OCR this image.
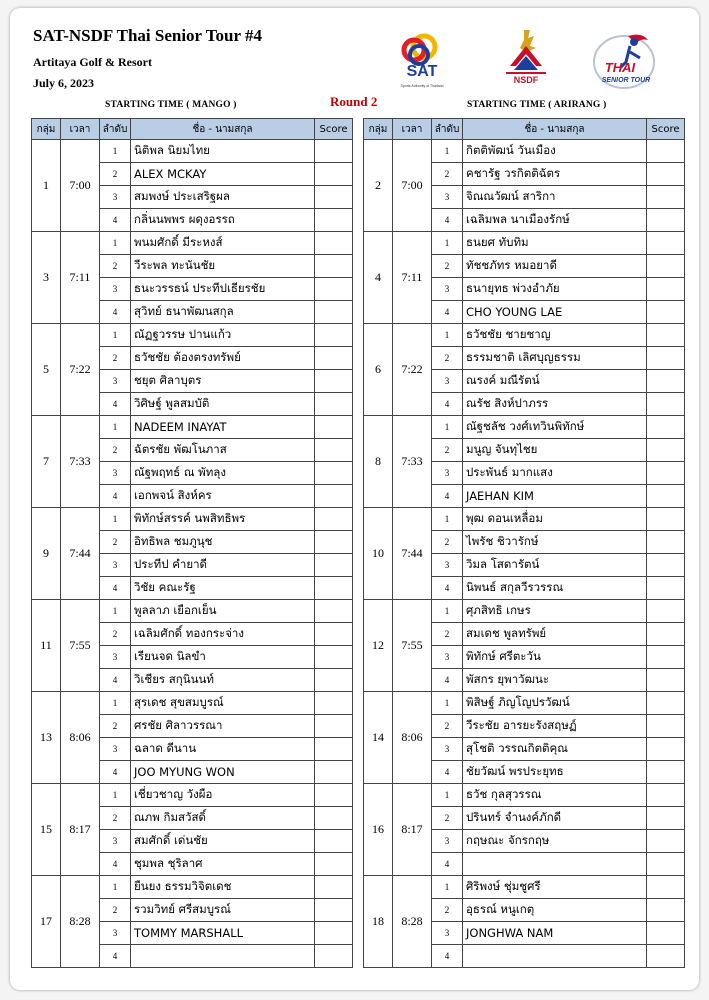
SAT-NSDF Thai Senior Tour #4
Artitaya Golf & Resort
July 6, 2023
Round 2
STARTING TIME ( MANGO )	STARTING TIME ( ARIRANG )
SAT
Sports Authority of Thailand
NSDF
THAI
SENIOR TOUR
กลุ่ม	เวลา	ลำดับ	ชื่อ - นามสกุล	Score
1	7:00	1	นิติพล นิยมไทย	
		2	ALEX MCKAY	
		3	สมพงษ์ ประเสริฐผล	
		4	กลิ่นนพพร ผดุงอรรถ	
3	7:11	1	พนมศักดิ์ มีระหงส์	
		2	วีระพล ทะนันชัย	
		3	ธนะวรรธน์ ประทีปเธียรชัย	
		4	สุวิทย์ ธนาพัฒนสกุล	
5	7:22	1	ณัฏฐวรรษ ปานแก้ว	
		2	ธวัชชัย ต้องตรงทรัพย์	
		3	ชยุต ศิลาบุตร	
		4	วิศิษฐ์ พูลสมบัติ	
7	7:33	1	NADEEM INAYAT	
		2	ฉัตรชัย พัฒโนภาส	
		3	ณัฐพฤทธ์ ณ พัทลุง	
		4	เอกพจน์ สิงห์คร	
9	7:44	1	พิทักษ์สรรค์ นพสิทธิพร	
		2	อิทธิพล ชมภูนุช	
		3	ประทีป คำยาดี	
		4	วิชัย คณะรัฐ	
11	7:55	1	พูลลาภ เยือกเย็น	
		2	เฉลิมศักดิ์ ทองกระจ่าง	
		3	เรียนจด นิลขำ	
		4	วิเชียร สกุนินนท์	
13	8:06	1	สุรเดช สุขสมบูรณ์	
		2	ศรชัย ศิลาวรรณา	
		3	ฉลาด ดีนาน	
		4	JOO MYUNG WON	
15	8:17	1	เชี่ยวชาญ วังผือ	
		2	ณภพ กิมสวัสดิ์	
		3	สมศักดิ์ เด่นชัย	
		4	ชุมพล ชุริลาศ	
17	8:28	1	ยืนยง ธรรมวิจิตเดช	
		2	รวมวิทย์ ศรีสมบูรณ์	
		3	TOMMY MARSHALL	
		4		
กลุ่ม	เวลา	ลำดับ	ชื่อ - นามสกุล	Score
2	7:00	1	กิตติพัฒน์ วันเมือง	
		2	คชารัฐ วรกิตติฉัตร	
		3	จิณณวัฒน์ สาริกา	
		4	เฉลิมพล นาเมืองรักษ์	
4	7:11	1	ธนยศ ทับทิม	
		2	ทัชชภัทร หมอยาดี	
		3	ธนายุทธ พ่วงอำภัย	
		4	CHO YOUNG LAE	
6	7:22	1	ธวัชชัย ชายชาญ	
		2	ธรรมชาติ เลิศบุญธรรม	
		3	ณรงค์ มณีรัตน์	
		4	ณรัช สิงห์ปาภรร	
8	7:33	1	ณัฐชลัช วงศ์เทวินพิทักษ์	
		2	มนูญ จันทุไชย	
		3	ประพันธ์ มากแสง	
		4	JAEHAN KIM	
10	7:44	1	พุฒ ดอนเหลื่อม	
		2	ไพรัช ชิวารักษ์	
		3	วิมล โสดารัตน์	
		4	นิพนธ์ สกุลวีรวรรณ	
12	7:55	1	ศุภสิทธิ เกษร	
		2	สมเดช พูลทรัพย์	
		3	พิทักษ์ ศรีตะวัน	
		4	พัสกร ยุพาวัฒนะ	
14	8:06	1	พิสิษฐ์ ภิญโญปรวัฒน์	
		2	วีระชัย อารยะรังสฤษฏ์	
		3	สุโชติ วรรณกิตติคุณ	
		4	ชัยวัฒน์ พรประยุทธ	
16	8:17	1	ธวัช กุลสุวรรณ	
		2	ปรินทร์ จำนงค์ภักดี	
		3	กฤษณะ จักรกฤษ	
		4		
18	8:28	1	ศิริพงษ์ ชุ่มชูศรี	
		2	อุธรณ์ หนูเกตุ	
		3	JONGHWA NAM	
		4		
